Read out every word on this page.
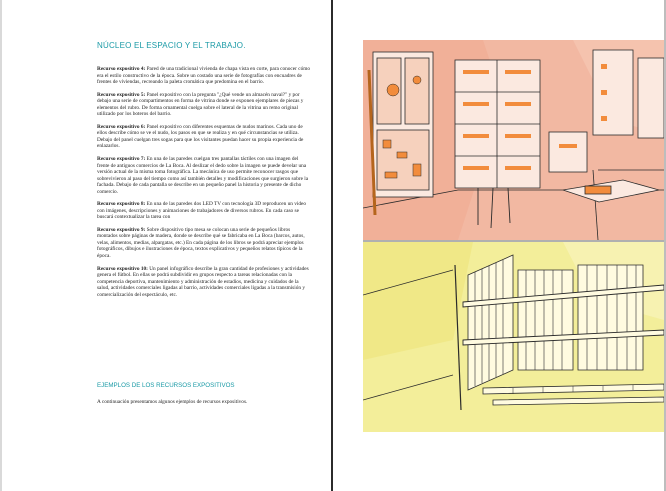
NÚCLEO EL ESPACIO Y EL TRABAJO.

Recurso expositivo 4: Pared de una tradicional vivienda de chapa vista en corte, para conocer cómo era el estilo constructivo de la época. Sobre un costado una serie de fotografías con encuadres de frentes de viviendas, recreando la paleta cromática que predomina en el barrio.

Recurso expositivo 5: Panel expositivo con la pregunta "¿Qué vende un almacén naval?" y por debajo una serie de compartimentos en forma de vitrina donde se exponen ejemplares de piezas y elementos del rubro. De forma ornamental cuelga sobre el lateral de la vitrina un remo original utilizado por los boteros del barrio.

Recurso expositivo 6: Panel expositivo con diferentes esquemas de nudos marinos. Cada uno de ellos describe cómo se ve el nudo, los pasos en que se realiza y en qué circunstancias se utiliza. Debajo del panel cuelgan tres sogas para que los visitantes puedan hacer su propia experiencia de enlazarlos.

Recurso expositivo 7: En una de las paredes cuelgan tres pantallas táctiles con una imagen del frente de antiguos comercios de La Boca. Al deslizar el dedo sobre la imagen se puede develar una versión actual de la misma toma fotográfica. La mecánica de uso permite reconocer rasgos que sobrevivieron al paso del tiempo como así también detalles y modificaciones que surgieron sobre la fachada. Debajo de cada pantalla se describe en un pequeño panel la historia y presente de dicho comercio.

Recurso expositivo 8: En una de las paredes dos LED TV con tecnología 3D reproducen un video con imágenes, descripciones y animaciones de trabajadores de diversos rubros. En cada caso se buscará contextualizar la tarea con

Recurso expositivo 9: Sobre dispositivo tipo mesa se colocan una serie de pequeños libros montados sobre páginas de madera, donde se describe qué se fabricaba en La Boca (barcos, autos, velas, alimentos, medias, alpargatas, etc.) En cada página de los libros se podrá apreciar ejemplos fotográficos, dibujos e ilustraciones de época, textos explicativos y pequeños relatos típicos de la época.

Recurso expositivo 10: Un panel infográfico describe la gran cantidad de profesiones y actividades genera el fútbol. En ellas se podrá subdividir en grupos respecto a tareas relacionadas con la competencia deportiva, mantenimiento y administración de estadios, medicina y cuidados de la salud, actividades comerciales ligadas al barrio, actividades comerciales ligadas a la transmisión y comercialización del espectáculo, etc.

EJEMPLOS DE LOS RECURSOS EXPOSITIVOS

A continuación presentamos algunos ejemplos de recursos expositivos.
